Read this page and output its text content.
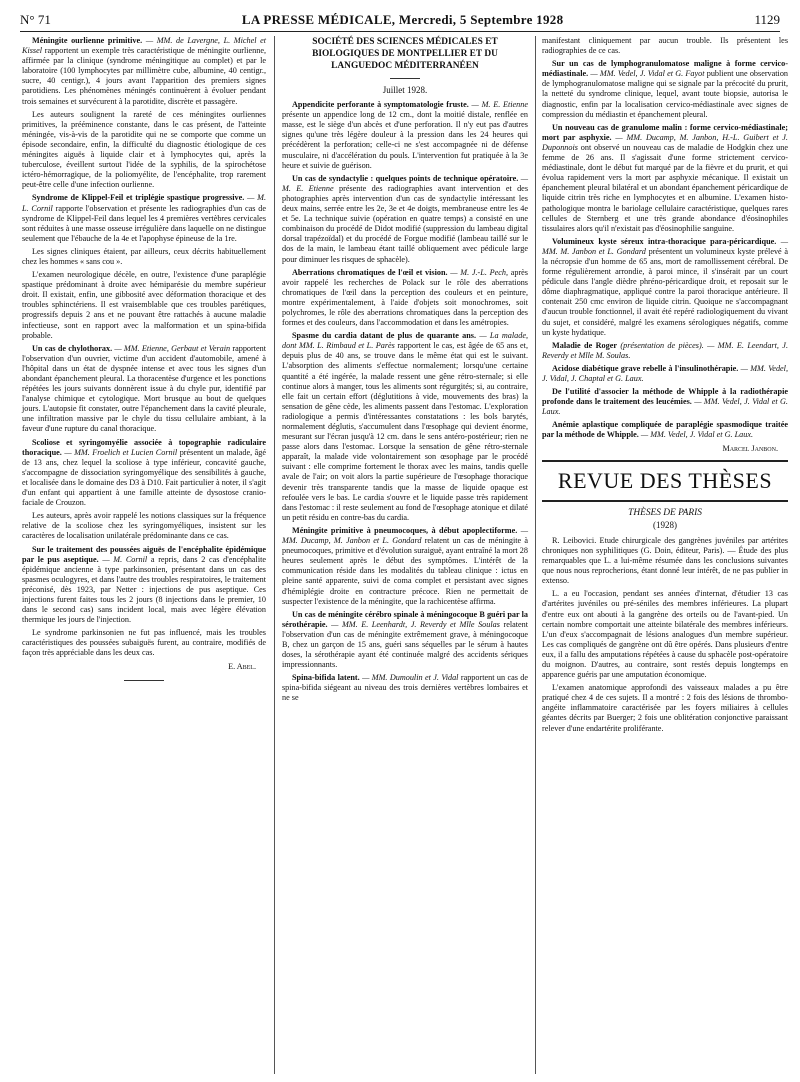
N° 71	LA PRESSE MÉDICALE, Mercredi, 5 Septembre 1928	1129

Méningite ourlienne primitive. — MM. de Lavergne, L. Michel et Kissel rapportent un exemple très caractéristique de méningite ourlienne, affirmée par la clinique (syndrome méningitique au complet) et par le laboratoire (100 lymphocytes par millimètre cube, albumine, 40 centigr., sucre, 40 centigr.), 4 jours avant l'apparition des premiers signes parotidiens. Les phénomènes méningés continuèrent à évoluer pendant trois semaines et survécurent à la parotidite, discrète et passagère.

Les auteurs soulignent la rareté de ces méningites ourliennes primitives, la prééminence constante, dans le cas présent, de l'atteinte méningée, vis-à-vis de la parotidite qui ne se comporte que comme un épisode secondaire, enfin, la difficulté du diagnostic étiologique de ces méningites aiguës à liquide clair et à lymphocytes qui, après la tuberculose, éveillent surtout l'idée de la syphilis, de la spirochétose ictéro-hémorragique, de la poliomyélite, de l'encéphalite, trop rarement peut-être celle d'une infection ourlienne.

Syndrome de Klippel-Feil et triplégie spastique progressive. — M. L. Cornil rapporte l'observation et présente les radiographies d'un cas de syndrome de Klippel-Feil dans lequel les 4 premières vertèbres cervicales sont réduites à une masse osseuse irrégulière dans laquelle on ne distingue seulement que l'ébauche de la 4e et l'apophyse épineuse de la 1re.

Les signes cliniques étaient, par ailleurs, ceux décrits habituellement chez les hommes « sans cou ».

L'examen neurologique décèle, en outre, l'existence d'une paraplégie spastique prédominant à droite avec hémiparésie du membre supérieur droit. Il existait, enfin, une gibbosité avec déformation thoracique et des troubles sphinctériens. Il est vraisemblable que ces troubles parétiques, progressifs depuis 2 ans et ne pouvant être rattachés à aucune maladie infectieuse, sont en rapport avec la malformation et un spina-bifida probable.

Un cas de chylothorax. — MM. Etienne, Gerbaut et Verain rapportent l'observation d'un ouvrier, victime d'un accident d'automobile, amené à l'hôpital dans un état de dyspnée intense et avec tous les signes d'un abondant épanchement pleural. La thoracentèse d'urgence et les ponctions répétées les jours suivants donnèrent issue à du chyle pur, identifié par l'analyse chimique et cytologique. Mort brusque au bout de quelques jours. L'autopsie fit constater, outre l'épanchement dans la cavité pleurale, une infiltration massive par le chyle du tissu cellulaire ambiant, à la faveur d'une rupture du canal thoracique.

Scoliose et syringomyélie associée à topographie radiculaire thoracique. — MM. Froelich et Lucien Cornil présentent un malade, âgé de 13 ans, chez lequel la scoliose à type inférieur, concavité gauche, s'accompagne de dissociation syringomyélique des sensibilités à gauche, et localisée dans le domaine des D3 à D10. Fait particulier à noter, il s'agit d'un enfant qui appartient à une famille atteinte de dysostose cranio-faciale de Crouzon.

Les auteurs, après avoir rappelé les notions classiques sur la fréquence relative de la scoliose chez les syringomyéliques, insistent sur les caractères de localisation unilatérale prédominante dans ce cas.

Sur le traitement des poussées aiguës de l'encéphalite épidémique par le pus aseptique. — M. Cornil a repris, dans 2 cas d'encéphalite épidémique ancienne à type parkinsonien, présentant dans un cas des spasmes oculogyres, et dans l'autre des troubles respiratoires, le traitement préconisé, dès 1923, par Netter : injections de pus aseptique. Ces injections furent faites tous les 2 jours (8 injections dans le premier, 10 dans le second cas) sans incident local, mais avec légère élévation thermique les jours de l'injection.

Le syndrome parkinsonien ne fut pas influencé, mais les troubles caractéristiques des poussées subaiguës furent, au contraire, modifiés de façon très appréciable dans les deux cas.

E. Abel.

SOCIÉTÉ DES SCIENCES MÉDICALES ET BIOLOGIQUES DE MONTPELLIER ET DU LANGUEDOC MÉDITERRANÉEN

Juillet 1928.

Appendicite perforante à symptomatologie fruste. — M. E. Etienne présente un appendice long de 12 cm., dont la moitié distale, renflée en masse, est le siège d'un abcès et d'une perforation. Il n'y eut pas d'autres signes qu'une très légère douleur à la pression dans les 24 heures qui précédèrent la perforation; celle-ci ne s'est accompagnée ni de défense musculaire, ni d'accélération du pouls. L'intervention fut pratiquée à la 3e heure et suivie de guérison.

Un cas de syndactylie : quelques points de technique opératoire. — M. E. Etienne présente des radiographies avant intervention et des photographies après intervention d'un cas de syndactylie intéressant les deux mains, serrée entre les 2e, 3e et 4e doigts, membraneuse entre les 4e et 5e. La technique suivie (opération en quatre temps) a consisté en une combinaison du procédé de Didot modifié (suppression du lambeau digital dorsal trapézoïdal) et du procédé de Forgue modifié (lambeau taillé sur le dos de la main, le lambeau étant taillé obliquement avec pédicule large pour diminuer les risques de sphacèle).

Aberrations chromatiques de l'œil et vision. — M. J.-L. Pech, après avoir rappelé les recherches de Polack sur le rôle des aberrations chromatiques de l'œil dans la perception des couleurs et en peinture, montre expérimentalement, à l'aide d'objets soit monochromes, soit polychromes, le rôle des aberrations chromatiques dans la perception des formes et des couleurs, dans l'accommodation et dans les amétropies.

Spasme du cardia datant de plus de quarante ans. — La malade, dont MM. L. Rimbaud et L. Parès rapportent le cas, est âgée de 65 ans et, depuis plus de 40 ans, se trouve dans le même état qui est le suivant. L'absorption des aliments s'effectue normalement; lorsqu'une certaine quantité a été ingérée, la malade ressent une gêne rétro-sternale; si elle continue alors à manger, tous les aliments sont régurgités; si, au contraire, elle fait un certain effort (déglutitions à vide, mouvements des bras) la sensation de gêne cède, les aliments passent dans l'estomac. L'exploration radiologique a permis d'intéressantes constatations : les bols barytés, normalement déglutis, s'accumulent dans l'œsophage qui devient énorme, mesurant sur l'écran jusqu'à 12 cm. dans le sens antéro-postérieur; rien ne passe alors dans l'estomac. Lorsque la sensation de gêne rétro-sternale apparaît, la malade vide volontairement son œsophage par le procédé suivant : elle comprime fortement le thorax avec les mains, tandis quelle avale de l'air; on voit alors la partie supérieure de l'œsophage thoracique devenir très transparente tandis que la masse de liquide opaque est refoulée vers le bas. Le cardia s'ouvre et le liquide passe très rapidement dans l'estomac : il reste seulement au fond de l'œsophage atonique et dilaté un petit résidu en contre-bas du cardia.

Méningite primitive à pneumocoques, à début apoplectiforme. — MM. Ducamp, M. Janbon et L. Gondard relatent un cas de méningite à pneumocoques, primitive et d'évolution suraiguë, ayant entraîné la mort 28 heures seulement après le début des symptômes. L'intérêt de la communication réside dans les modalités du tableau clinique : ictus en pleine santé apparente, suivi de coma complet et persistant avec signes d'hémiplégie droite en contracture précoce. Rien ne permettait de suspecter l'existence de la méningite, que la rachicentèse affirma.

Un cas de méningite cérébro spinale à méningocoque B guéri par la sérothérapie. — MM. E. Leenhardt, J. Reverdy et Mlle Soulas relatent l'observation d'un cas de méningite extrêmement grave, à méningocoque B, chez un garçon de 15 ans, guéri sans séquelles par le sérum à hautes doses, la sérothérapie ayant été continuée malgré des accidents sériques impressionnants.

Spina-bifida latent. — MM. Dumoulin et J. Vidal rapportent un cas de spina-bifida siégeant au niveau des trois dernières vertèbres lombaires et ne se

manifestant cliniquement par aucun trouble. Ils présentent les radiographies de ce cas.

Sur un cas de lymphogranulomatose maligne à forme cervico-médiastinale. — MM. Vedel, J. Vidal et G. Fayot publient une observation de lymphogranulomatose maligne qui se signale par la précocité du prurit, la netteté du syndrome clinique, lequel, avant toute biopsie, autorisa le diagnostic, enfin par la localisation cervico-médiastinale avec signes de compression du médiastin et épanchement pleural.

Un nouveau cas de granulome malin : forme cervico-médiastinale; mort par asphyxie. — MM. Ducamp, M. Janbon, H.-L. Guibert et J. Duponnois ont observé un nouveau cas de maladie de Hodgkin chez une femme de 26 ans. Il s'agissait d'une forme strictement cervico-médiastinale, dont le début fut marqué par de la fièvre et du prurit, et qui évolua rapidement vers la mort par asphyxie mécanique. Il existait un épanchement pleural bilatéral et un abondant épanchement péricardique de liquide citrin très riche en lymphocytes et en albumine. L'examen histo-pathologique montra le bariolage cellulaire caractéristique, quelques rares cellules de Sternberg et une très grande abondance d'éosinophiles tissulaires alors qu'il n'existait pas d'éosinophilie sanguine.

Volumineux kyste séreux intra-thoracique para-péricardique. — MM. M. Janbon et L. Gondard présentent un volumineux kyste prélevé à la nécropsie d'un homme de 65 ans, mort de ramollissement cérébral. De forme régulièrement arrondie, à paroi mince, il s'insérait par un court pédicule dans l'angle dièdre phréno-péricardique droit, et reposait sur le dôme diaphragmatique, appliqué contre la paroi thoracique antérieure. Il contenait 250 cmc environ de liquide citrin. Quoique ne s'accompagnant d'aucun trouble fonctionnel, il avait été repéré radiologiquement du vivant du sujet, et considéré, malgré les examens sérologiques négatifs, comme un kyste hydatique.

Maladie de Roger (présentation de pièces). — MM. E. Leendart, J. Reverdy et Mlle M. Soulas.

Acidose diabétique grave rebelle à l'insulinothérapie. — MM. Vedel, J. Vidal, J. Chaptal et G. Laux.

De l'utilité d'associer la méthode de Whipple à la radiothérapie profonde dans le traitement des leucémies. — MM. Vedel, J. Vidal et G. Laux.

Anémie aplastique compliquée de paraplégie spasmodique traitée par la méthode de Whipple. — MM. Vedel, J. Vidal et G. Laux.

Marcel Janbon.

REVUE DES THÈSES

THÈSES DE PARIS

(1928)

R. Leibovici. Etude chirurgicale des gangrènes juvéniles par artérites chroniques non syphilitiques (G. Doin, éditeur, Paris). — Étude des plus remarquables que L. a lui-même résumée dans les conclusions suivantes que nous nous reprocherions, étant donné leur intérêt, de ne pas publier in extenso.

L. a eu l'occasion, pendant ses années d'internat, d'étudier 13 cas d'artérites juvéniles ou pré-séniles des membres inférieures. La plupart d'entre eux ont abouti à la gangrène des orteils ou de l'avant-pied. Un certain nombre comportait une atteinte bilatérale des membres inférieurs. L'un d'eux s'accompagnait de lésions analogues d'un membre supérieur. Les cas compliqués de gangrène ont dû être opérés. Dans plusieurs d'entre eux, il a fallu des amputations répétées à cause du sphacèle post-opératoire du moignon. D'autres, au contraire, sont restés depuis longtemps en apparence guéris par une amputation économique.

L'examen anatomique approfondi des vaisseaux malades a pu être pratiqué chez 4 de ces sujets. Il a montré : 2 fois des lésions de thrombo-angéite inflammatoire caractérisée par les foyers miliaires à cellules géantes décrits par Buerger; 2 fois une oblitération conjonctive paraissant relever d'une endartérite proliférante.
